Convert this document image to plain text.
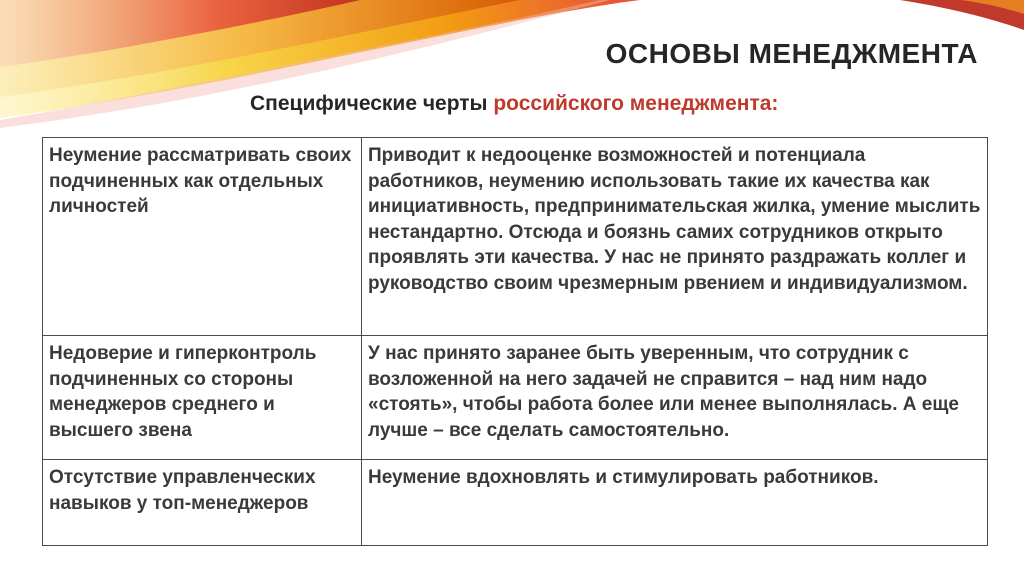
ОСНОВЫ МЕНЕДЖМЕНТА

Специфические черты российского менеджмента:

Неумение рассматривать своих подчиненных как отдельных личностей	Приводит к недооценке возможностей и потенциала работников, неумению использовать такие их качества как инициативность, предпринимательская жилка, умение мыслить нестандартно. Отсюда и боязнь самих сотрудников открыто проявлять эти качества. У нас не принято раздражать коллег и руководство своим чрезмерным рвением и индивидуализмом.
Недоверие и гиперконтроль подчиненных со стороны менеджеров среднего и высшего звена	У нас принято заранее быть уверенным, что сотрудник с возложенной на него задачей не справится – над ним надо «стоять», чтобы работа более или менее выполнялась. А еще лучше – все сделать самостоятельно.
Отсутствие управленческих навыков у топ-менеджеров	Неумение вдохновлять и стимулировать работников.
